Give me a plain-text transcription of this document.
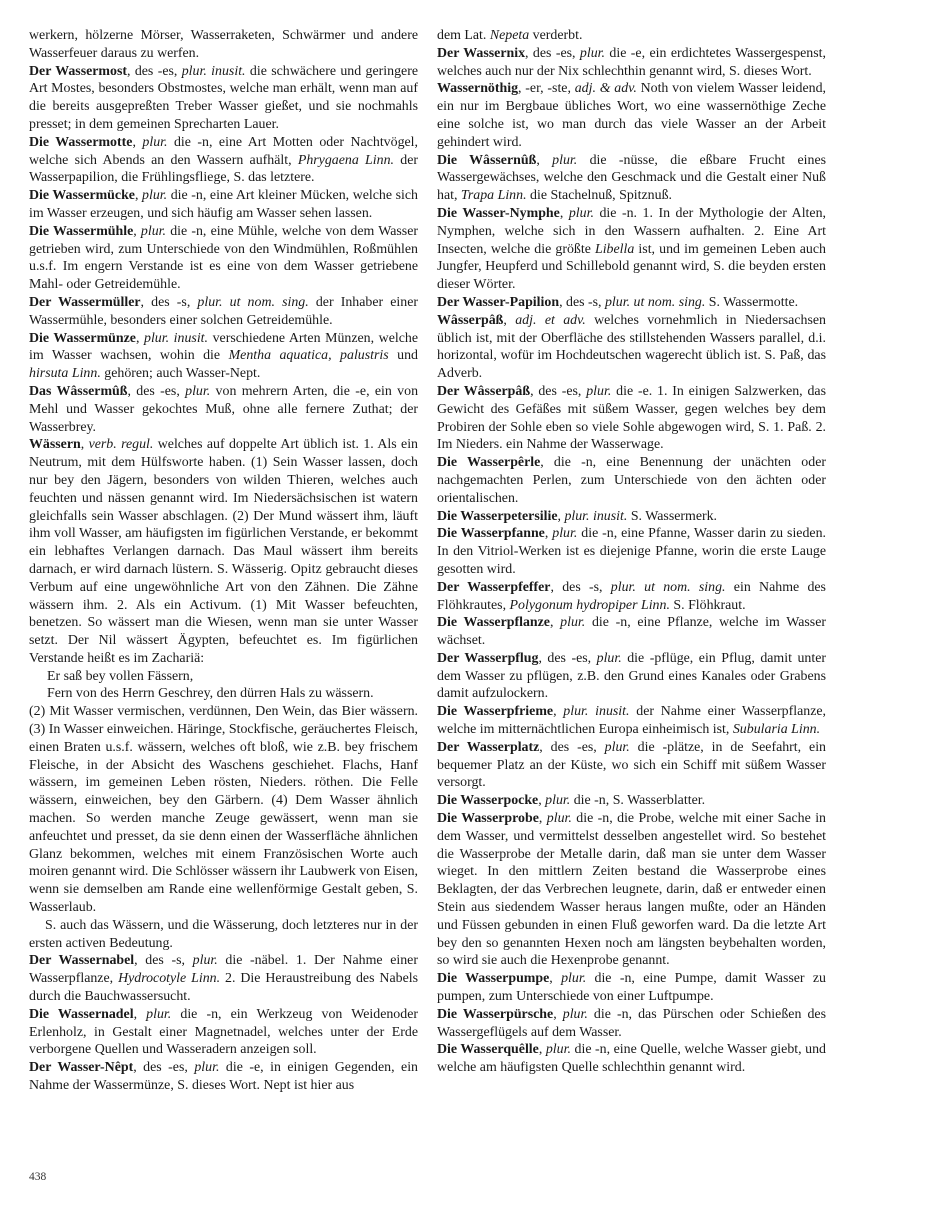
werkern, hölzerne Mörser, Wasserraketen, Schwärmer und andere Wasserfeuer daraus zu werfen.

Der Wassermost, des -es, plur. inusit. die schwächere und geringere Art Mostes, besonders Obstmostes, welche man erhält, wenn man auf die bereits ausgepreßten Treber Wasser gießet, und sie nochmahls presset; in dem gemeinen Sprecharten Lauer.

Die Wassermotte, plur. die -n, eine Art Motten oder Nachtvögel, welche sich Abends an den Wassern aufhält, Phrygaena Linn. der Wasserpapilion, die Frühlingsfliege, S. das letztere.

Die Wassermücke, plur. die -n, eine Art kleiner Mücken, welche sich im Wasser erzeugen, und sich häufig am Wasser sehen lassen.

Die Wassermühle, plur. die -n, eine Mühle, welche von dem Wasser getrieben wird, zum Unterschiede von den Windmühlen, Roßmühlen u.s.f. Im engern Verstande ist es eine von dem Wasser getriebene Mahl- oder Getreidemühle.

Der Wassermüller, des -s, plur. ut nom. sing. der Inhaber einer Wassermühle, besonders einer solchen Getreidemühle.

Die Wassermünze, plur. inusit. verschiedene Arten Münzen, welche im Wasser wachsen, wohin die Mentha aquatica, palustris und hirsuta Linn. gehören; auch Wasser-Nept.

Das Wâssermûß, des -es, plur. von mehrern Arten, die -e, ein von Mehl und Wasser gekochtes Muß, ohne alle fernere Zuthat; der Wasserbrey.

Wässern, verb. regul. welches auf doppelte Art üblich ist. 1. Als ein Neutrum, mit dem Hülfsworte haben. (1) Sein Wasser lassen, doch nur bey den Jägern, besonders von wilden Thieren, welches auch feuchten und nässen genannt wird. Im Niedersächsischen ist watern gleichfalls sein Wasser abschlagen. (2) Der Mund wässert ihm, läuft ihm voll Wasser, am häufigsten im figürlichen Verstande, er bekommt ein lebhaftes Verlangen darnach. Das Maul wässert ihm bereits darnach, er wird darnach lüstern. S. Wässerig. Opitz gebraucht dieses Verbum auf eine ungewöhnliche Art von den Zähnen. Die Zähne wässern ihm. 2. Als ein Activum. (1) Mit Wasser befeuchten, benetzen. So wässert man die Wiesen, wenn man sie unter Wasser setzt. Der Nil wässert Ägypten, befeuchtet es. Im figürlichen Verstande heißt es im Zachariä:

Er saß bey vollen Fässern,

Fern von des Herrn Geschrey, den dürren Hals zu wässern.

(2) Mit Wasser vermischen, verdünnen, Den Wein, das Bier wässern. (3) In Wasser einweichen. Häringe, Stockfische, geräuchertes Fleisch, einen Braten u.s.f. wässern, welches oft bloß, wie z.B. bey frischem Fleische, in der Absicht des Waschens geschiehet. Flachs, Hanf wässern, im gemeinen Leben rösten, Nieders. röthen. Die Felle wässern, einweichen, bey den Gärbern. (4) Dem Wasser ähnlich machen. So werden manche Zeuge gewässert, wenn man sie anfeuchtet und presset, da sie denn einen der Wasserfläche ähnlichen Glanz bekommen, welches mit einem Französischen Worte auch moiren genannt wird. Die Schlösser wässern ihr Laubwerk von Eisen, wenn sie demselben am Rande eine wellenförmige Gestalt geben, S. Wasserlaub.

S. auch das Wässern, und die Wässerung, doch letzteres nur in der ersten activen Bedeutung.

Der Wassernabel, des -s, plur. die -näbel. 1. Der Nahme einer Wasserpflanze, Hydrocotyle Linn. 2. Die Heraustreibung des Nabels durch die Bauchwassersucht.

Die Wassernadel, plur. die -n, ein Werkzeug von Weidenoder Erlenholz, in Gestalt einer Magnetnadel, welches unter der Erde verborgene Quellen und Wasseradern anzeigen soll.

Der Wasser-Nêpt, des -es, plur. die -e, in einigen Gegenden, ein Nahme der Wassermünze, S. dieses Wort. Nept ist hier aus

dem Lat. Nepeta verderbt.

Der Wassernix, des -es, plur. die -e, ein erdichtetes Wassergespenst, welches auch nur der Nix schlechthin genannt wird, S. dieses Wort.

Wassernöthig, -er, -ste, adj. & adv. Noth von vielem Wasser leidend, ein nur im Bergbaue übliches Wort, wo eine wassernöthige Zeche eine solche ist, wo man durch das viele Wasser an der Arbeit gehindert wird.

Die Wâssernûß, plur. die -nüsse, die eßbare Frucht eines Wassergewächses, welche den Geschmack und die Gestalt einer Nuß hat, Trapa Linn. die Stachelnuß, Spitznuß.

Die Wasser-Nymphe, plur. die -n. 1. In der Mythologie der Alten, Nymphen, welche sich in den Wassern aufhalten. 2. Eine Art Insecten, welche die größte Libella ist, und im gemeinen Leben auch Jungfer, Heupferd und Schillebold genannt wird, S. die beyden ersten dieser Wörter.

Der Wasser-Papilion, des -s, plur. ut nom. sing. S. Wassermotte.

Wâsserpâß, adj. et adv. welches vornehmlich in Niedersachsen üblich ist, mit der Oberfläche des stillstehenden Wassers parallel, d.i. horizontal, wofür im Hochdeutschen wagerecht üblich ist. S. Paß, das Adverb.

Der Wâsserpâß, des -es, plur. die -e. 1. In einigen Salzwerken, das Gewicht des Gefäßes mit süßem Wasser, gegen welches bey dem Probiren der Sohle eben so viele Sohle abgewogen wird, S. 1. Paß. 2. Im Nieders. ein Nahme der Wasserwage.

Die Wasserpêrle, die -n, eine Benennung der unächten oder nachgemachten Perlen, zum Unterschiede von den ächten oder orientalischen.

Die Wasserpetersilie, plur. inusit. S. Wassermerk.

Die Wasserpfanne, plur. die -n, eine Pfanne, Wasser darin zu sieden. In den Vitriol-Werken ist es diejenige Pfanne, worin die erste Lauge gesotten wird.

Der Wasserpfeffer, des -s, plur. ut nom. sing. ein Nahme des Flöhkrautes, Polygonum hydropiper Linn. S. Flöhkraut.

Die Wasserpflanze, plur. die -n, eine Pflanze, welche im Wasser wächset.

Der Wasserpflug, des -es, plur. die -pflüge, ein Pflug, damit unter dem Wasser zu pflügen, z.B. den Grund eines Kanales oder Grabens damit aufzulockern.

Die Wasserpfrieme, plur. inusit. der Nahme einer Wasserpflanze, welche im mitternächtlichen Europa einheimisch ist, Subularia Linn.

Der Wasserplatz, des -es, plur. die -plätze, in de Seefahrt, ein bequemer Platz an der Küste, wo sich ein Schiff mit süßem Wasser versorgt.

Die Wasserpocke, plur. die -n, S. Wasserblatter.

Die Wasserprobe, plur. die -n, die Probe, welche mit einer Sache in dem Wasser, und vermittelst desselben angestellet wird. So bestehet die Wasserprobe der Metalle darin, daß man sie unter dem Wasser wieget. In den mittlern Zeiten bestand die Wasserprobe eines Beklagten, der das Verbrechen leugnete, darin, daß er entweder einen Stein aus siedendem Wasser heraus langen mußte, oder an Händen und Füssen gebunden in einen Fluß geworfen ward. Da die letzte Art bey den so genannten Hexen noch am längsten beybehalten worden, so wird sie auch die Hexenprobe genannt.

Die Wasserpumpe, plur. die -n, eine Pumpe, damit Wasser zu pumpen, zum Unterschiede von einer Luftpumpe.

Die Wasserpürsche, plur. die -n, das Pürschen oder Schießen des Wassergeflügels auf dem Wasser.

Die Wasserquêlle, plur. die -n, eine Quelle, welche Wasser giebt, und welche am häufigsten Quelle schlechthin genannt wird.

438
